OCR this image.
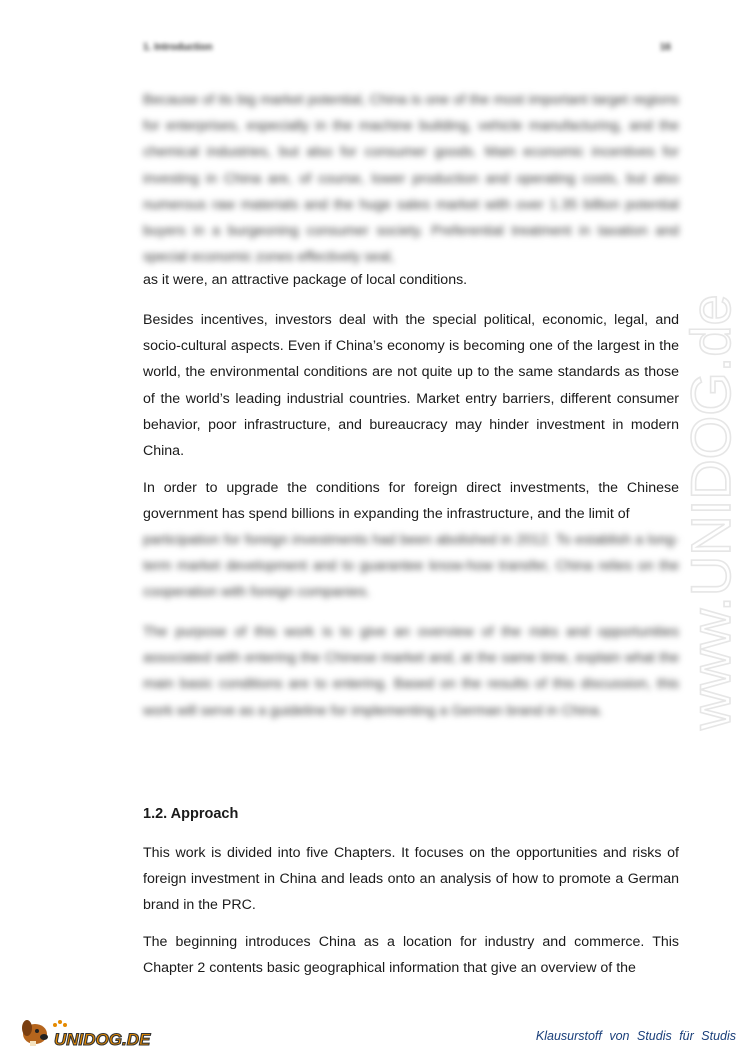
1. Introduction	16
Because of its big market potential, China is one of the most important target regions for enterprises, especially in the machine building, vehicle manufacturing, and the chemical industries, but also for consumer goods. Main economic incentives for investing in China are, of course, lower production and operating costs, but also numerous raw materials and the huge sales market with over 1.35 billion potential buyers in a burgeoning consumer society. Preferential treatment in taxation and special economic zones effectively seal,
as it were, an attractive package of local conditions.
Besides incentives, investors deal with the special political, economic, legal, and socio-cultural aspects. Even if China’s economy is becoming one of the largest in the world, the environmental conditions are not quite up to the same standards as those of the world’s leading industrial countries. Market entry barriers, different consumer behavior, poor infrastructure, and bureaucracy may hinder investment in modern China.
In order to upgrade the conditions for foreign direct investments, the Chinese government has spend billions in expanding the infrastructure, and the limit of
participation for foreign investments had been abolished in 2012. To establish a long-term market development and to guarantee know-how transfer, China relies on the cooperation with foreign companies.
The purpose of this work is to give an overview of the risks and opportunities associated with entering the Chinese market and, at the same time, explain what the main basic conditions are to entering. Based on the results of this discussion, this work will serve as a guideline for implementing a German brand in China.
1.2. Approach
This work is divided into five Chapters. It focuses on the opportunities and risks of foreign investment in China and leads onto an analysis of how to promote a German brand in the PRC.
The beginning introduces China as a location for industry and commerce. This Chapter 2 contents basic geographical information that give an overview of the
www.UNIDOG.de
UNIDOG.DE	Klausurstoff von Studis für Studis
